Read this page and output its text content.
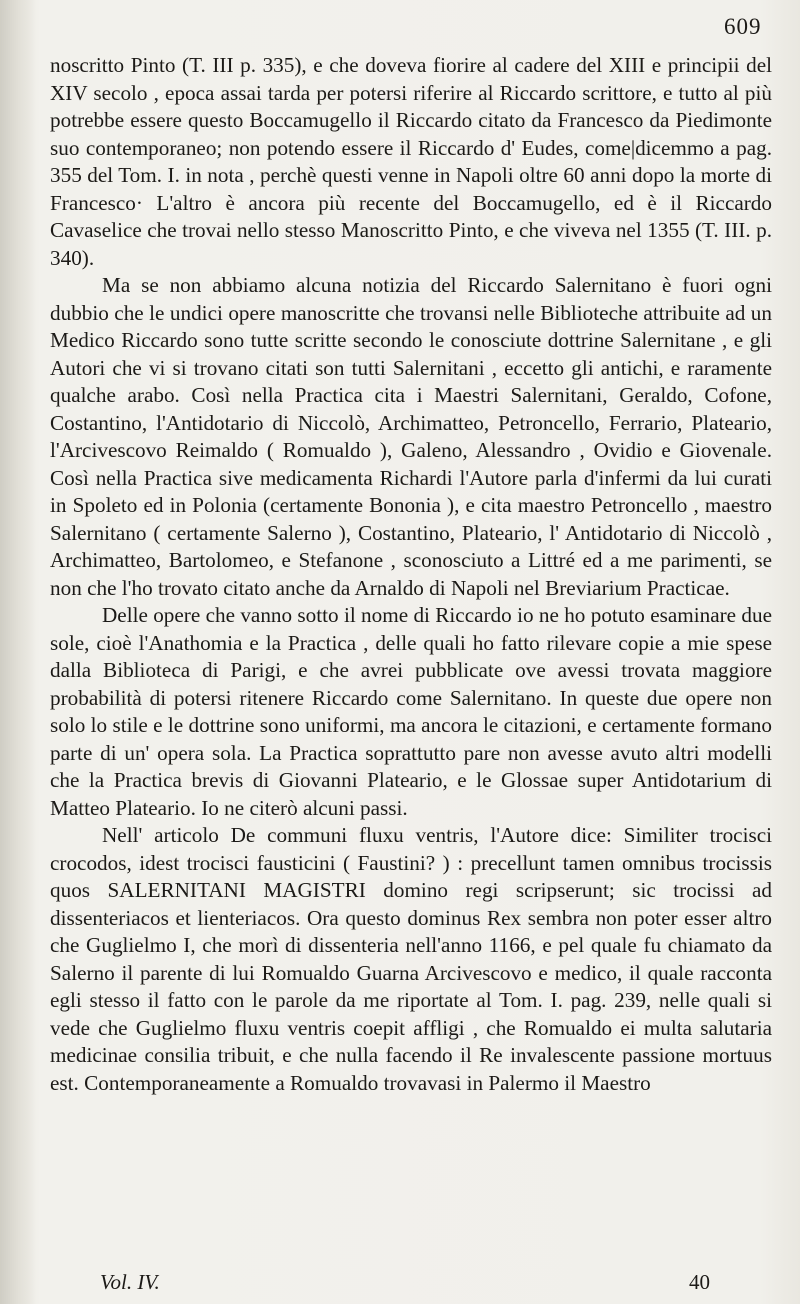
609

noscritto Pinto (T. III p. 335), e che doveva fiorire al cadere del XIII e principii del XIV secolo , epoca assai tarda per potersi riferire al Riccardo scrittore, e tutto al più potrebbe essere questo Boccamugello il Riccardo citato da Francesco da Piedimonte suo contemporaneo; non potendo essere il Riccardo d' Eudes, come|dicemmo a pag. 355 del Tom. I. in nota , perchè questi venne in Napoli oltre 60 anni dopo la morte di Francesco· L'altro è ancora più recente del Boccamugello, ed è il Riccardo Cavaselice che trovai nello stesso Manoscritto Pinto, e che viveva nel 1355 (T. III. p. 340).

Ma se non abbiamo alcuna notizia del Riccardo Salernitano è fuori ogni dubbio che le undici opere manoscritte che trovansi nelle Biblioteche attribuite ad un Medico Riccardo sono tutte scritte secondo le conosciute dottrine Salernitane , e gli Autori che vi si trovano citati son tutti Salernitani , eccetto gli antichi, e raramente qualche arabo. Così nella Practica cita i Maestri Salernitani, Geraldo, Cofone, Costantino, l'Antidotario di Niccolò, Archimatteo, Petroncello, Ferrario, Plateario, l'Arcivescovo Reimaldo ( Romualdo ), Galeno, Alessandro , Ovidio e Giovenale. Così nella Practica sive medicamenta Richardi l'Autore parla d'infermi da lui curati in Spoleto ed in Polonia (certamente Bononia ), e cita maestro Petroncello , maestro Salernitano ( certamente Salerno ), Costantino, Plateario, l' Antidotario di Niccolò , Archimatteo, Bartolomeo, e Stefanone , sconosciuto a Littré ed a me parimenti, se non che l'ho trovato citato anche da Arnaldo di Napoli nel Breviarium Practicae.

Delle opere che vanno sotto il nome di Riccardo io ne ho potuto esaminare due sole, cioè l'Anathomia e la Practica , delle quali ho fatto rilevare copie a mie spese dalla Biblioteca di Parigi, e che avrei pubblicate ove avessi trovata maggiore probabilità di potersi ritenere Riccardo come Salernitano. In queste due opere non solo lo stile e le dottrine sono uniformi, ma ancora le citazioni, e certamente formano parte di un' opera sola. La Practica soprattutto pare non avesse avuto altri modelli che la Practica brevis di Giovanni Plateario, e le Glossae super Antidotarium di Matteo Plateario. Io ne citerò alcuni passi.

Nell' articolo De communi fluxu ventris, l'Autore dice: Similiter trocisci crocodos, idest trocisci fausticini ( Faustini? ) : precellunt tamen omnibus trocissis quos SALERNITANI MAGISTRI domino regi scripserunt; sic trocissi ad dissenteriacos et lienteriacos. Ora questo dominus Rex sembra non poter esser altro che Guglielmo I, che morì di dissenteria nell'anno 1166, e pel quale fu chiamato da Salerno il parente di lui Romualdo Guarna Arcivescovo e medico, il quale racconta egli stesso il fatto con le parole da me riportate al Tom. I. pag. 239, nelle quali si vede che Guglielmo fluxu ventris coepit affligi , che Romualdo ei multa salutaria medicinae consilia tribuit, e che nulla facendo il Re invalescente passione mortuus est. Contemporaneamente a Romualdo trovavasi in Palermo il Maestro

Vol. IV.	40
